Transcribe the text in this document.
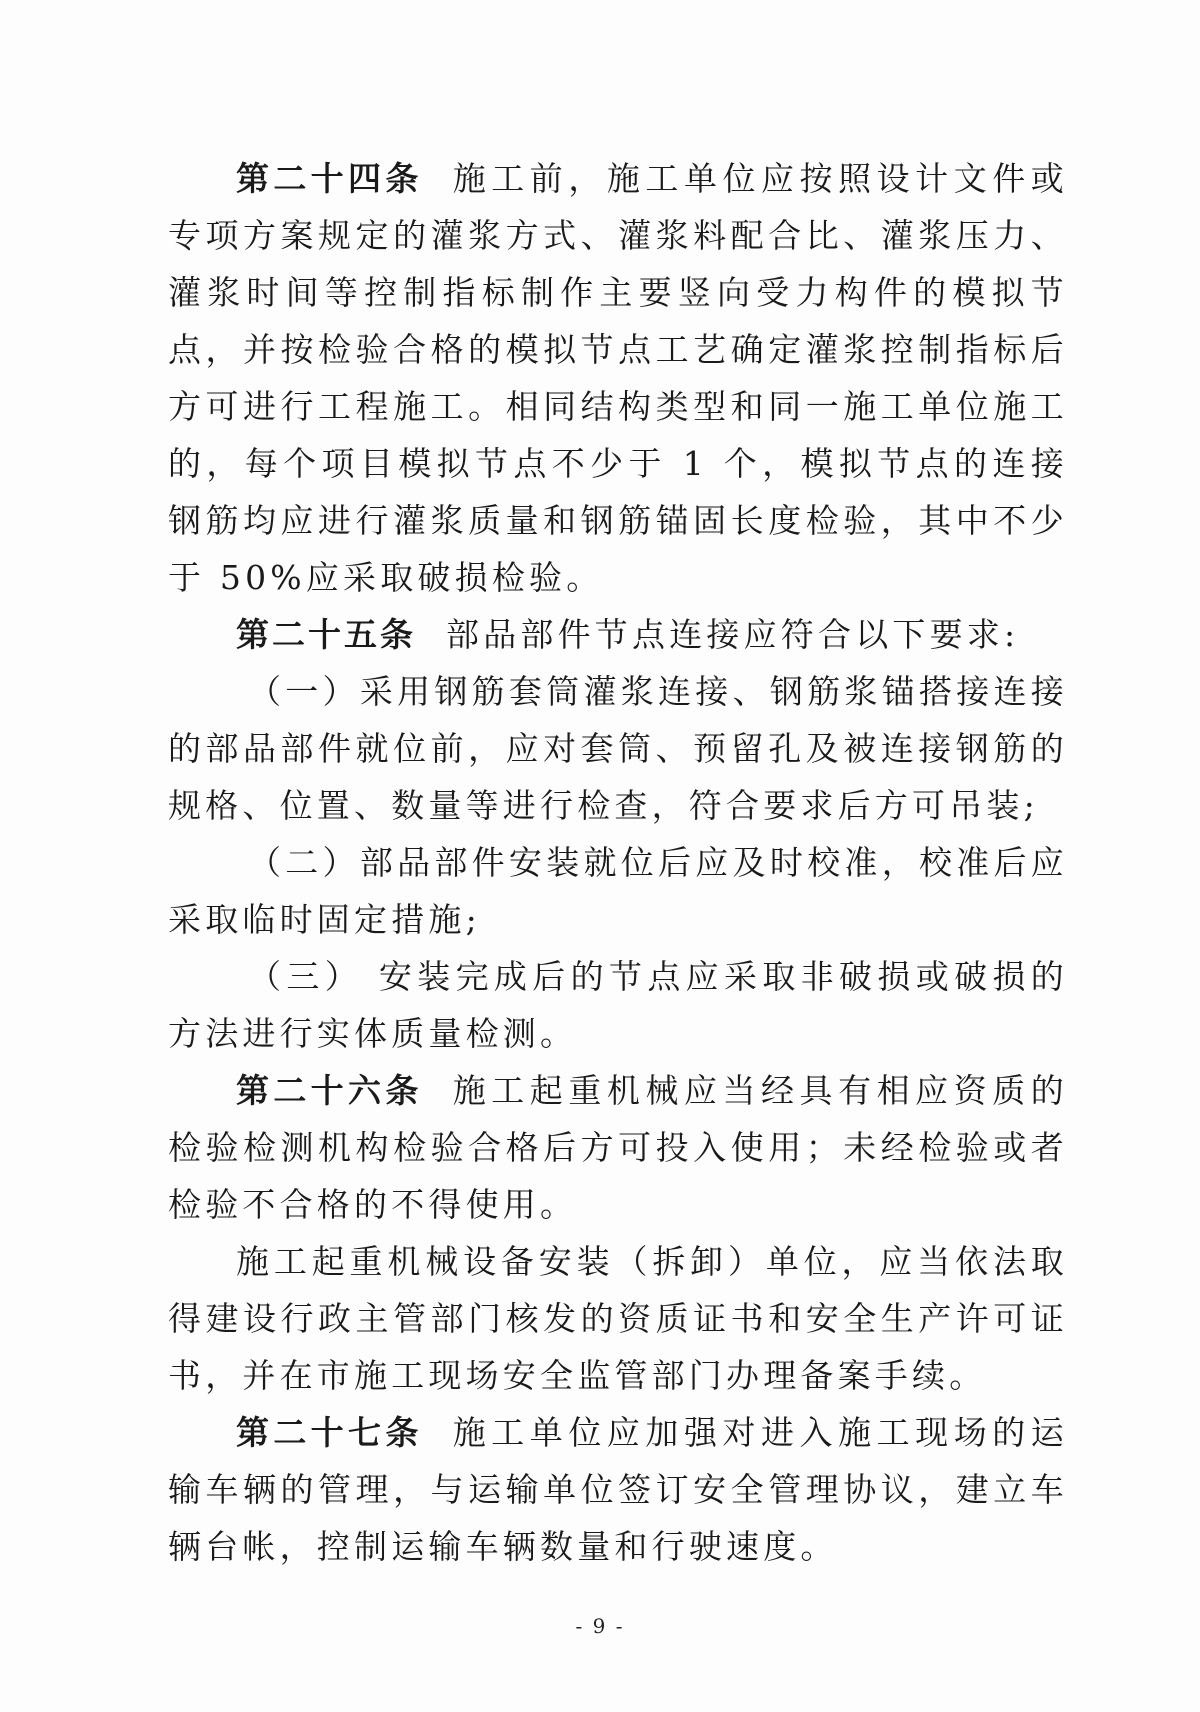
第二十四条 施工前，施工单位应按照设计文件或专项方案规定的灌浆方式、灌浆料配合比、灌浆压力、灌浆时间等控制指标制作主要竖向受力构件的模拟节点，并按检验合格的模拟节点工艺确定灌浆控制指标后方可进行工程施工。相同结构类型和同一施工单位施工的，每个项目模拟节点不少于 1 个，模拟节点的连接钢筋均应进行灌浆质量和钢筋锚固长度检验，其中不少于 50%应采取破损检验。

第二十五条 部品部件节点连接应符合以下要求:

（一）采用钢筋套筒灌浆连接、钢筋浆锚搭接连接的部品部件就位前，应对套筒、预留孔及被连接钢筋的规格、位置、数量等进行检查，符合要求后方可吊装;

（二）部品部件安装就位后应及时校准，校准后应采取临时固定措施;

（三） 安装完成后的节点应采取非破损或破损的方法进行实体质量检测。

第二十六条 施工起重机械应当经具有相应资质的检验检测机构检验合格后方可投入使用；未经检验或者检验不合格的不得使用。

施工起重机械设备安装（拆卸）单位，应当依法取得建设行政主管部门核发的资质证书和安全生产许可证书，并在市施工现场安全监管部门办理备案手续。

第二十七条 施工单位应加强对进入施工现场的运输车辆的管理，与运输单位签订安全管理协议，建立车辆台帐，控制运输车辆数量和行驶速度。

- 9 -
